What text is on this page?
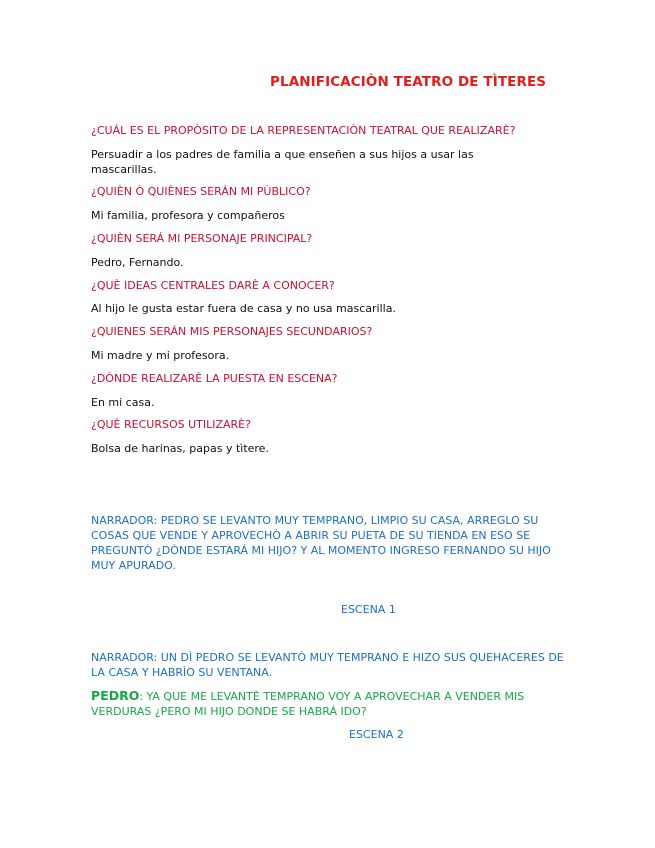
PLANIFICACIÒN TEATRO DE TÌTERES
¿CUÁL ES EL PROPÒSITO DE LA REPRESENTACIÒN TEATRAL QUE REALIZARÈ?
Persuadir a los padres de familia a que enseñen a sus hijos a usar las mascarillas.
¿QUIÈN Ò QUIÈNES SERÁN MI PÙBLICO?
Mi familia, profesora y compañeros
¿QUIÈN SERÁ MI PERSONAJE PRINCIPAL?
Pedro, Fernando.
¿QUÈ IDEAS CENTRALES DARÈ A CONOCER?
Al hijo le gusta estar fuera de casa y no usa mascarilla.
¿QUIENES SERÁN MIS PERSONAJES SECUNDARIOS?
Mi madre y mi profesora.
¿DÒNDE REALIZARÈ LA PUESTA EN ESCENA?
En mi casa.
¿QUÈ RECURSOS UTILIZARÈ?
Bolsa de harinas, papas y tìtere.
NARRADOR: PEDRO SE LEVANTO MUY TEMPRANO, LIMPIO SU CASA, ARREGLO SU COSAS QUE VENDE Y APROVECHÒ A ABRIR SU PUETA DE SU TIENDA EN ESO SE PREGUNTÒ ¿DÒNDE ESTARÁ MI HIJO? Y AL MOMENTO INGRESO FERNANDO SU HIJO MUY APURADO.
ESCENA 1
NARRADOR: UN DÌ PEDRO SE LEVANTÒ MUY TEMPRANO E HIZO SUS QUEHACERES DE LA CASA Y HABRÌO SU VENTANA.
PEDRO: YA QUE ME LEVANTÈ TEMPRANO VOY A APROVECHAR A VENDER MIS VERDURAS ¿PERO MI HIJO DONDE SE HABRÁ IDO?
ESCENA 2
